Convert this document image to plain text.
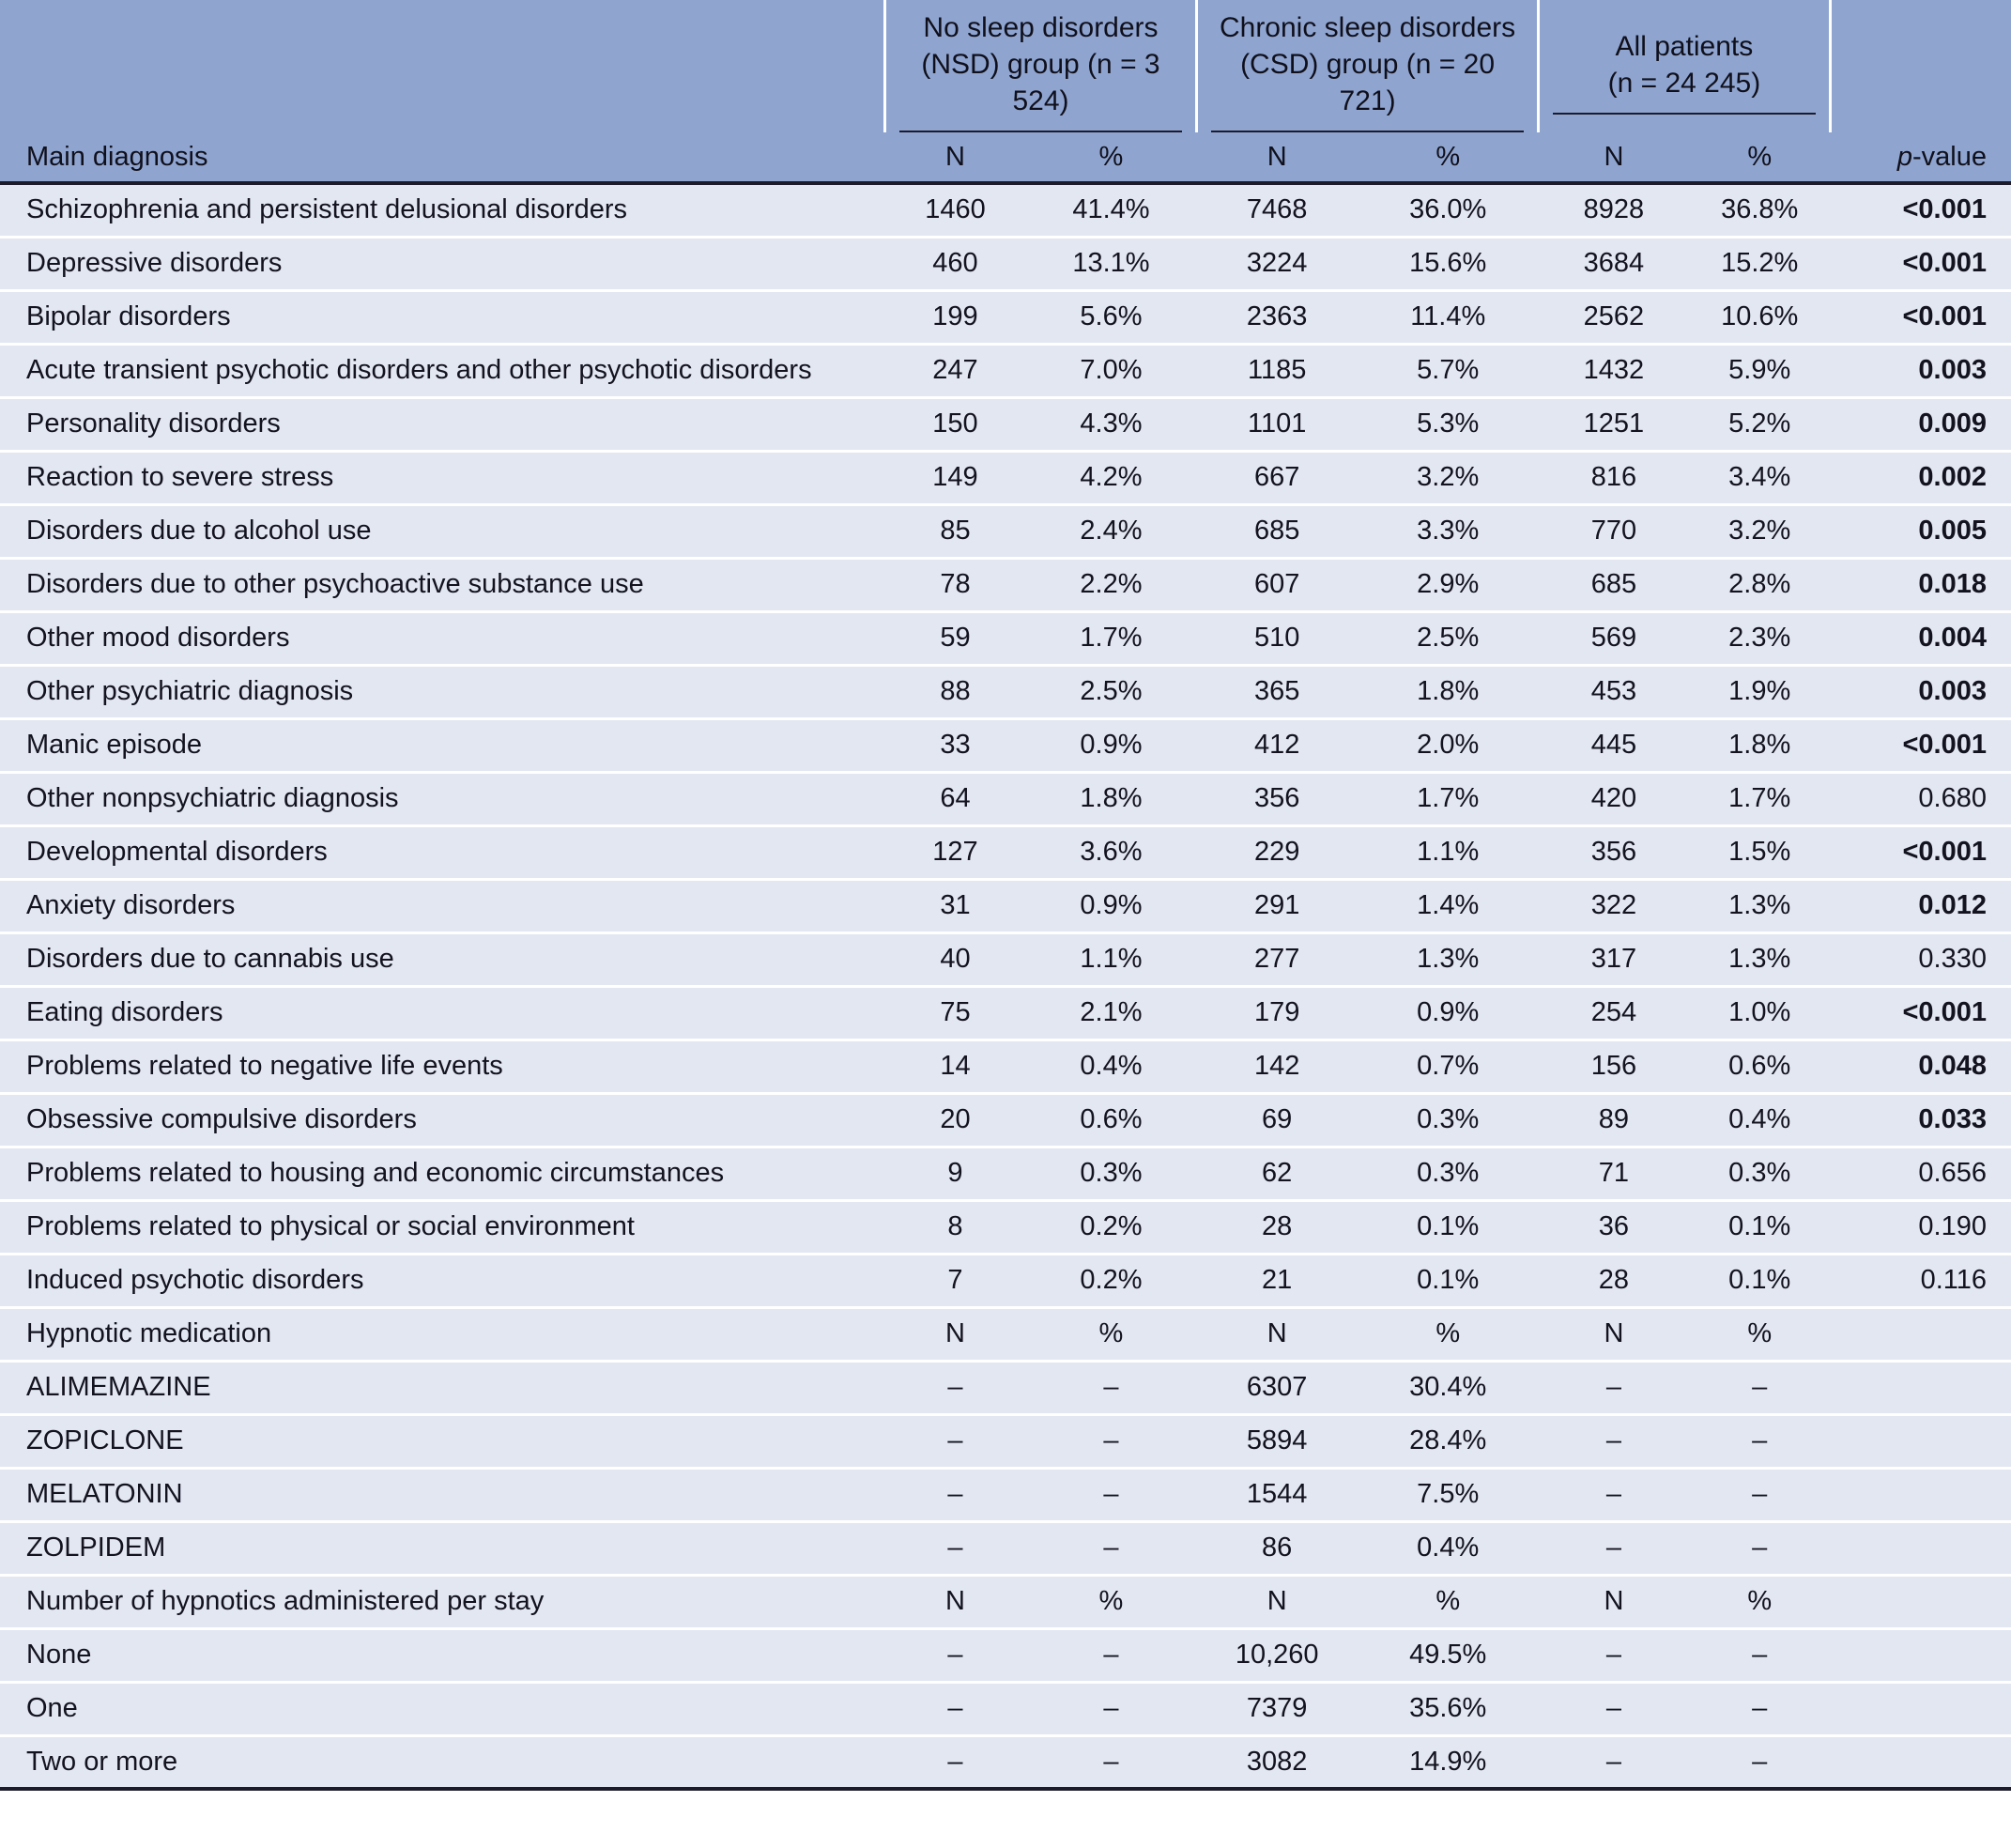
	No sleep disorders
(NSD) group (n = 3 524)		Chronic sleep disorders
(CSD) group (n = 20 721)		All patients
(n = 24 245)		

Main diagnosis	N	%	N	%	N	%	p-value
Schizophrenia and persistent delusional disorders	1460	41.4%	7468	36.0%	8928	36.8%	<0.001
Depressive disorders	460	13.1%	3224	15.6%	3684	15.2%	<0.001
Bipolar disorders	199	5.6%	2363	11.4%	2562	10.6%	<0.001
Acute transient psychotic disorders and other psychotic disorders	247	7.0%	1185	5.7%	1432	5.9%	0.003
Personality disorders	150	4.3%	1101	5.3%	1251	5.2%	0.009
Reaction to severe stress	149	4.2%	667	3.2%	816	3.4%	0.002
Disorders due to alcohol use	85	2.4%	685	3.3%	770	3.2%	0.005
Disorders due to other psychoactive substance use	78	2.2%	607	2.9%	685	2.8%	0.018
Other mood disorders	59	1.7%	510	2.5%	569	2.3%	0.004
Other psychiatric diagnosis	88	2.5%	365	1.8%	453	1.9%	0.003
Manic episode	33	0.9%	412	2.0%	445	1.8%	<0.001
Other nonpsychiatric diagnosis	64	1.8%	356	1.7%	420	1.7%	0.680
Developmental disorders	127	3.6%	229	1.1%	356	1.5%	<0.001
Anxiety disorders	31	0.9%	291	1.4%	322	1.3%	0.012
Disorders due to cannabis use	40	1.1%	277	1.3%	317	1.3%	0.330
Eating disorders	75	2.1%	179	0.9%	254	1.0%	<0.001
Problems related to negative life events	14	0.4%	142	0.7%	156	0.6%	0.048
Obsessive compulsive disorders	20	0.6%	69	0.3%	89	0.4%	0.033
Problems related to housing and economic circumstances	9	0.3%	62	0.3%	71	0.3%	0.656
Problems related to physical or social environment	8	0.2%	28	0.1%	36	0.1%	0.190
Induced psychotic disorders	7	0.2%	21	0.1%	28	0.1%	0.116
Hypnotic medication	N	%	N	%	N	%	
ALIMEMAZINE	–	–	6307	30.4%	–	–	
ZOPICLONE	–	–	5894	28.4%	–	–	
MELATONIN	–	–	1544	7.5%	–	–	
ZOLPIDEM	–	–	86	0.4%	–	–	
Number of hypnotics administered per stay	N	%	N	%	N	%	
None	–	–	10,260	49.5%	–	–	
One	–	–	7379	35.6%	–	–	
Two or more	–	–	3082	14.9%	–	–	
